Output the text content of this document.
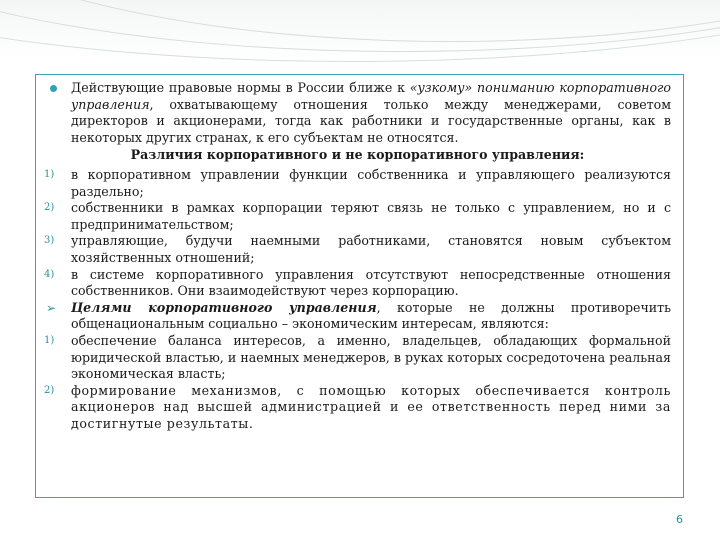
Действующие правовые нормы в России ближе к «узкому» пониманию корпоративного управления, охватывающему отношения только между менеджерами, советом директоров и акционерами, тогда как работники и государственные органы, как в некоторых других странах, к его субъектам не относятся.
Различия корпоративного и не корпоративного управления:
1)	в корпоративном управлении функции собственника и управляющего реализуются раздельно;
2)	собственники в рамках корпорации теряют связь не только с управлением, но и с предпринимательством;
3)	управляющие, будучи наемными работниками, становятся новым субъектом хозяйственных отношений;
4)	в системе корпоративного управления отсутствуют непосредственные отношения собственников. Они взаимодействуют через корпорацию.
➢	Целями корпоративного управления, которые не должны противоречить общенациональным социально – экономическим интересам, являются:
1)	обеспечение баланса интересов, а именно, владельцев, обладающих формальной юридической властью, и наемных менеджеров, в руках которых сосредоточена реальная экономическая власть;
2)	формирование механизмов, с помощью которых обеспечивается контроль акционеров над высшей администрацией и ее ответственность перед ними за достигнутые результаты.
6
